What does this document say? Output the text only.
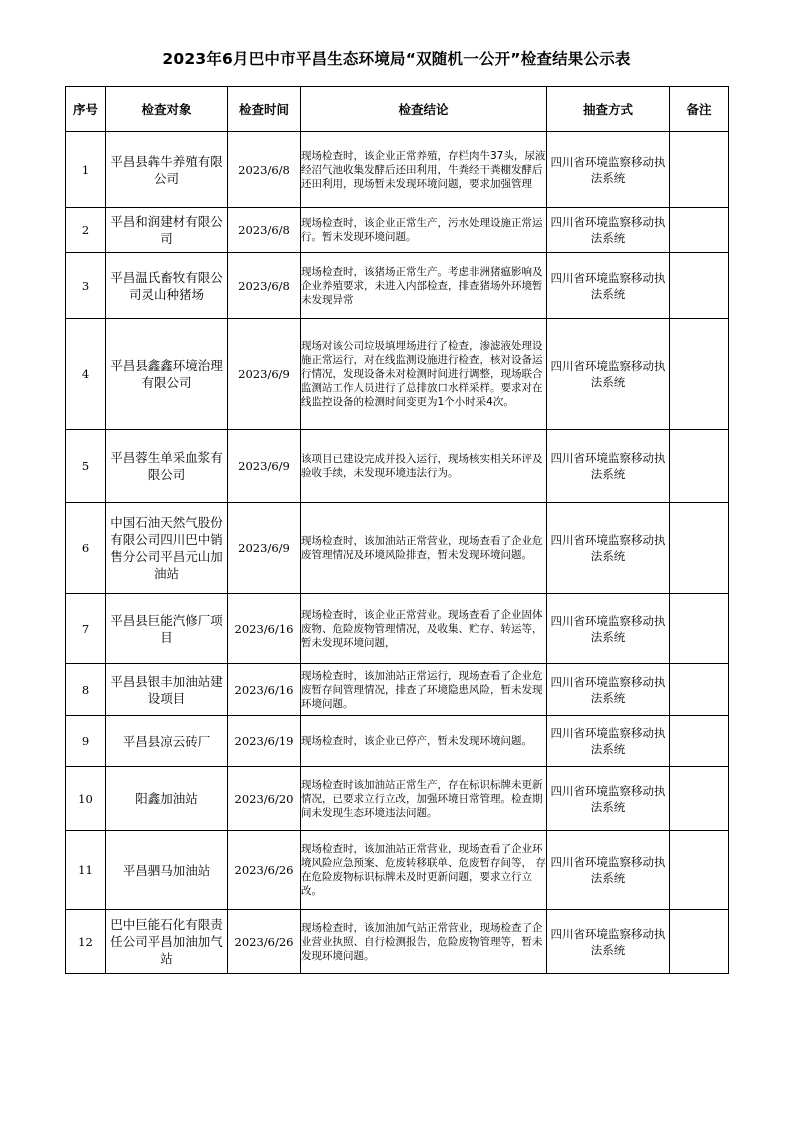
2023年6月巴中市平昌生态环境局“双随机一公开”检查结果公示表
序号	检查对象	检查时间	检查结论	抽查方式	备注
1	平昌县犇牛养殖有限公司	2023/6/8	现场检查时，该企业正常养殖，存栏肉牛37头，尿液经沼气池收集发酵后还田利用，牛粪经干粪棚发酵后还田利用，现场暂未发现环境问题，要求加强管理	四川省环境监察移动执法系统	
2	平昌和润建材有限公司	2023/6/8	现场检查时，该企业正常生产，污水处理设施正常运行。暂未发现环境问题。	四川省环境监察移动执法系统	
3	平昌温氏畜牧有限公司灵山种猪场	2023/6/8	现场检查时，该猪场正常生产。考虑非洲猪瘟影响及企业养殖要求，未进入内部检查，排查猪场外环境暂未发现异常	四川省环境监察移动执法系统	
4	平昌县鑫鑫环境治理有限公司	2023/6/9	现场对该公司垃圾填埋场进行了检查，渗滤液处理设施正常运行，对在线监测设施进行检查，核对设备运行情况，发现设备未对检测时间进行调整，现场联合监测站工作人员进行了总排放口水样采样。要求对在线监控设备的检测时间变更为1个小时采4次。	四川省环境监察移动执法系统	
5	平昌蓉生单采血浆有限公司	2023/6/9	该项目已建设完成并投入运行，现场核实相关环评及验收手续，未发现环境违法行为。	四川省环境监察移动执法系统	
6	中国石油天然气股份有限公司四川巴中销售分公司平昌元山加油站	2023/6/9	现场检查时，该加油站正常营业，现场查看了企业危废管理情况及环境风险排查，暂未发现环境问题。	四川省环境监察移动执法系统	
7	平昌县巨能汽修厂项目	2023/6/16	现场检查时，该企业正常营业。现场查看了企业固体废物、危险废物管理情况，及收集、贮存、转运等，暂未发现环境问题，	四川省环境监察移动执法系统	
8	平昌县银丰加油站建设项目	2023/6/16	现场检查时，该加油站正常运行，现场查看了企业危废暂存间管理情况，排查了环境隐患风险，暂未发现环境问题。	四川省环境监察移动执法系统	
9	平昌县凉云砖厂	2023/6/19	现场检查时，该企业已停产，暂未发现环境问题。	四川省环境监察移动执法系统	
10	阳鑫加油站	2023/6/20	现场检查时该加油站正常生产，存在标识标牌未更新情况，已要求立行立改，加强环境日常管理。检查期间未发现生态环境违法问题。	四川省环境监察移动执法系统	
11	平昌驷马加油站	2023/6/26	现场检查时，该加油站正常营业，现场查看了企业环境风险应急预案、危废转移联单、危废暂存间等， 存在危险废物标识标牌未及时更新问题，要求立行立改。	四川省环境监察移动执法系统	
12	巴中巨能石化有限责任公司平昌加油加气站	2023/6/26	现场检查时，该加油加气站正常营业，现场检查了企业营业执照、自行检测报告，危险废物管理等，暂未发现环境问题。	四川省环境监察移动执法系统	
